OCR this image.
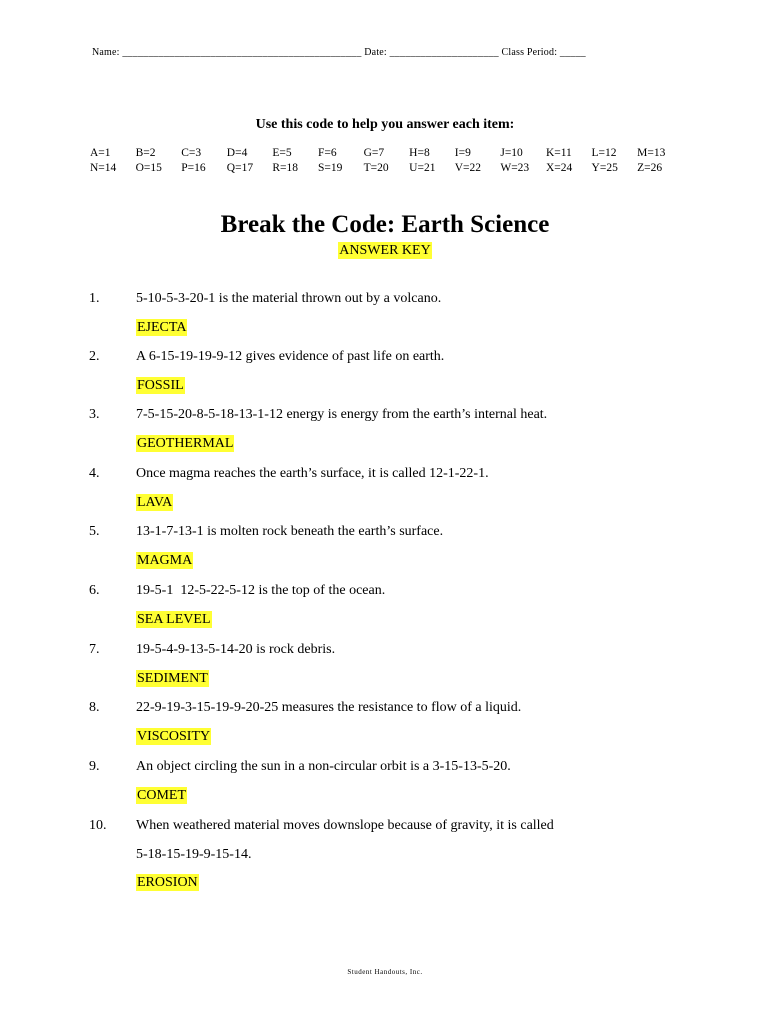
Name: ______________________________________________ Date: _____________________ Class Period: _____
Use this code to help you answer each item:
A=1	B=2	C=3	D=4	E=5	F=6	G=7	H=8	I=9	J=10	K=11	L=12	M=13
N=14	O=15	P=16	Q=17	R=18	S=19	T=20	U=21	V=22	W=23	X=24	Y=25	Z=26
Break the Code: Earth Science
ANSWER KEY
1.	5-10-5-3-20-1 is the material thrown out by a volcano.
EJECTA
2.	A 6-15-19-19-9-12 gives evidence of past life on earth.
FOSSIL
3.	7-5-15-20-8-5-18-13-1-12 energy is energy from the earth’s internal heat.
GEOTHERMAL
4.	Once magma reaches the earth’s surface, it is called 12-1-22-1.
LAVA
5.	13-1-7-13-1 is molten rock beneath the earth’s surface.
MAGMA
6.	19-5-1  12-5-22-5-12 is the top of the ocean.
SEA LEVEL
7.	19-5-4-9-13-5-14-20 is rock debris.
SEDIMENT
8.	22-9-19-3-15-19-9-20-25 measures the resistance to flow of a liquid.
VISCOSITY
9.	An object circling the sun in a non-circular orbit is a 3-15-13-5-20.
COMET
10. When weathered material moves downslope because of gravity, it is called
5-18-15-19-9-15-14.
EROSION
Student Handouts, Inc.
